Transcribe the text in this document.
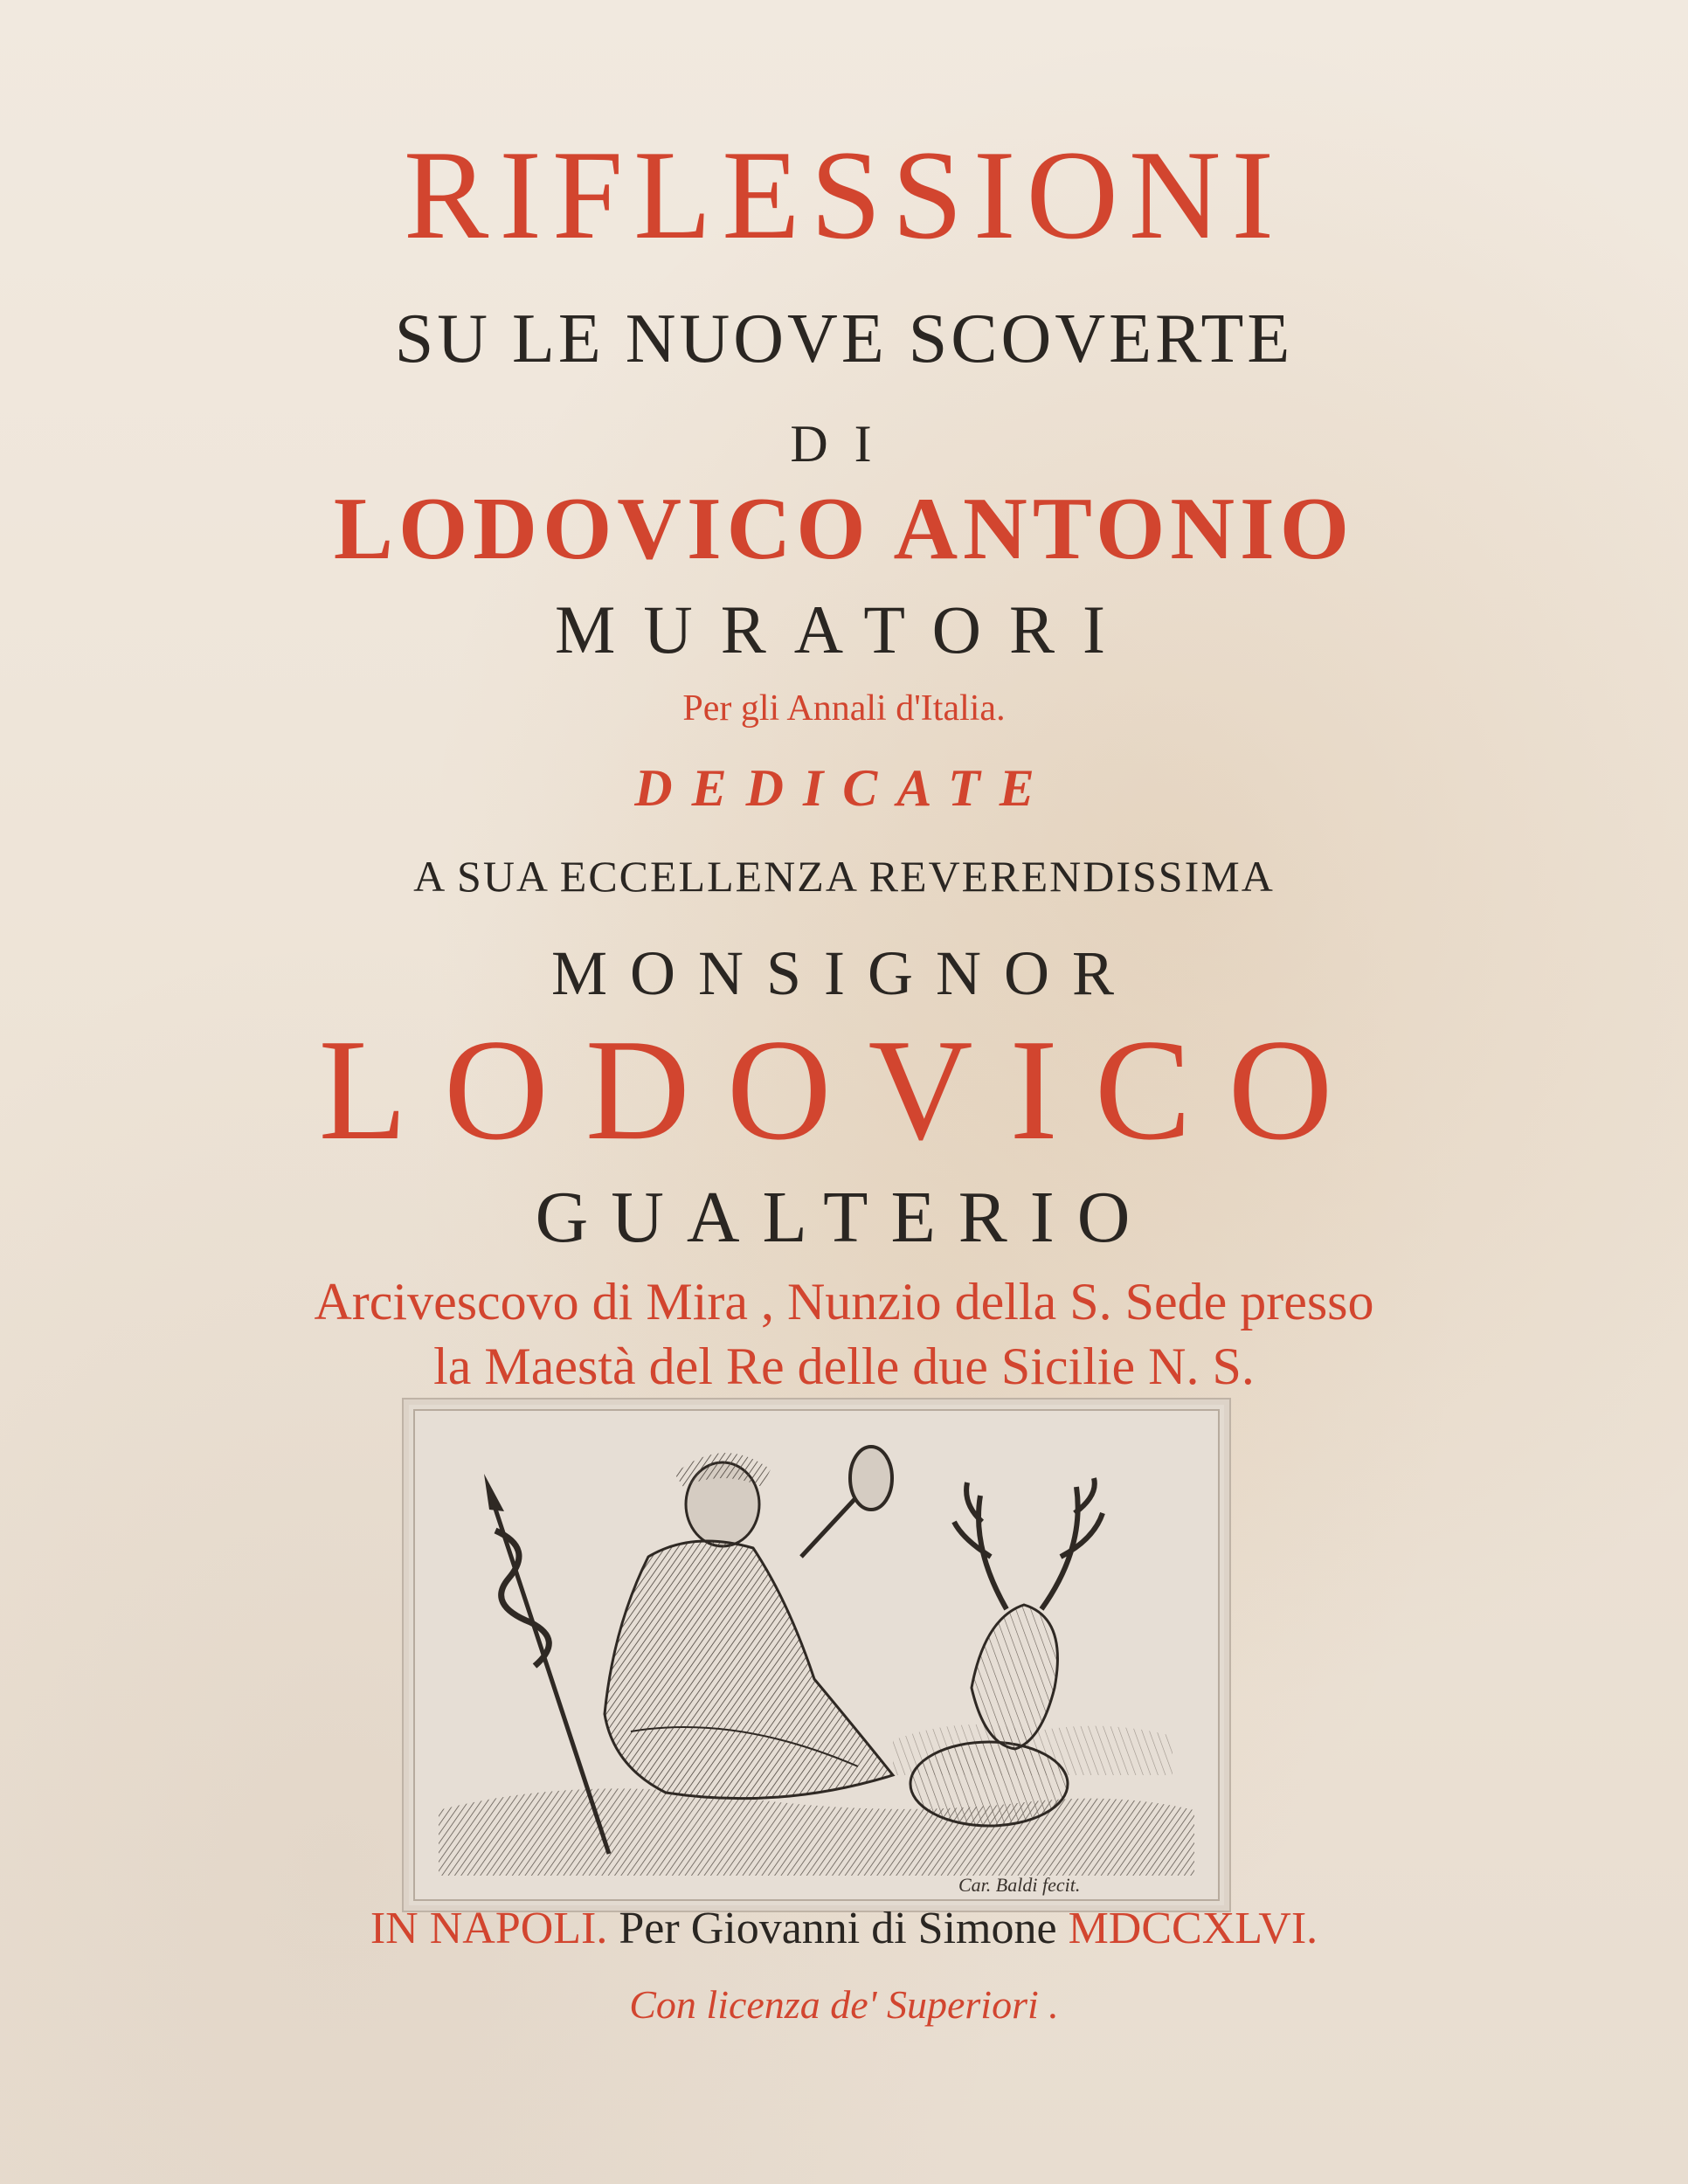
RIFLESSIONI
SU LE NUOVE SCOVERTE
DI
LODOVICO ANTONIO
MURATORI
Per gli Annali d'Italia.
DEDICATE
A SUA ECCELLENZA REVERENDISSIMA
MONSIGNOR
LODOVICO
GUALTERIO
Arcivescovo di Mira , Nunzio della S. Sede presso
la Maestà del Re delle due Sicilie N. S.
Car. Baldi fecit.
IN NAPOLI. Per Giovanni di Simone MDCCXLVI.
Con licenza de' Superiori .
